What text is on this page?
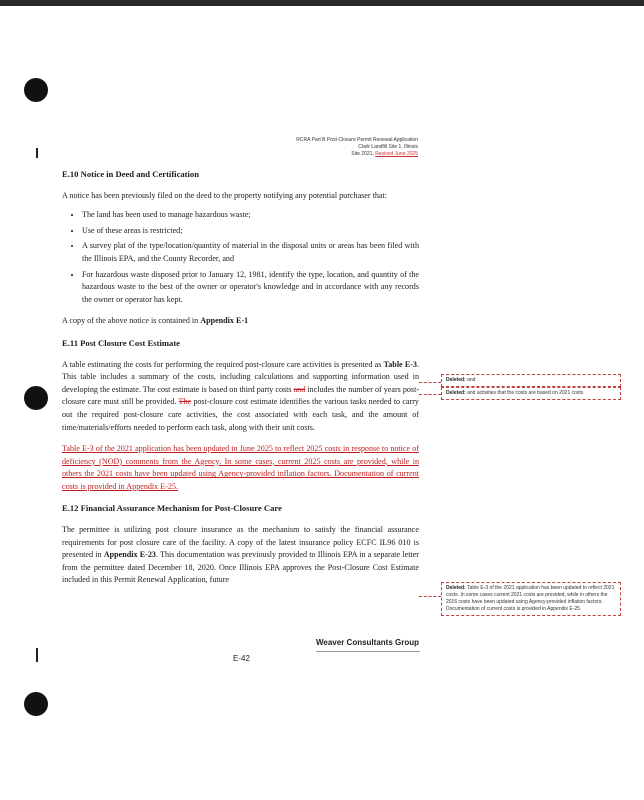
RCRA Part B Post-Closure Permit Renewal Application
Clark Landfill Site 1, Illinois
Site 2021, Revised June 2025
E.10 Notice in Deed and Certification

A notice has been previously filed on the deed to the property notifying any potential purchaser that:

• The land has been used to manage hazardous waste;
• Use of these areas is restricted;
• A survey plat of the type/location/quantity of material in the disposal units or areas has been filed with the Illinois EPA, and the County Recorder, and
• For hazardous waste disposed prior to January 12, 1981, identify the type, location, and quantity of the hazardous waste to the best of the owner or operator's knowledge and in accordance with any records the owner or operator has kept.

A copy of the above notice is contained in Appendix E-1

E.11 Post Closure Cost Estimate

A table estimating the costs for performing the required post-closure care activities is presented as Table E-3. This table includes a summary of the costs, including calculations and supporting information used in developing the estimate. The cost estimate is based on third party costs and includes the number of years post-closure care must still be provided. The post-closure cost estimate identifies the various tasks needed to carry out the required post-closure care activities, the cost associated with each task, and the amount of time/materials/efforts needed to perform each task, along with their unit costs.

Table E-3 of the 2021 application has been updated in June 2025 to reflect 2025 costs in response to notice of deficiency (NOD) comments from the Agency. In some cases, current 2025 costs are provided, while in others the 2021 costs have been updated using Agency-provided inflation factors. Documentation of current costs is provided in Appendix E-25.

E.12 Financial Assurance Mechanism for Post-Closure Care

The permittee is utilizing post closure insurance as the mechanism to satisfy the financial assurance requirements for post closure care of the facility. A copy of the latest insurance policy ECFC IL96 010 is presented in Appendix E-23. This documentation was previously provided to Illinois EPA in a separate letter from the permittee dated December 18, 2020. Once Illinois EPA approves the Post-Closure Cost Estimate included in this Permit Renewal Application, future

Deleted: and
Deleted: and activities that the costs are based on 2021 costs
Deleted: Table E-3 of the 2021 application has been updated to reflect 2021 costs. In some cases current 2021 costs are provided, while in others the 2016 costs have been updated using Agency-provided inflation factors. Documentation of current costs is provided in Appendix E-25.
Weaver Consultants Group
E-42
